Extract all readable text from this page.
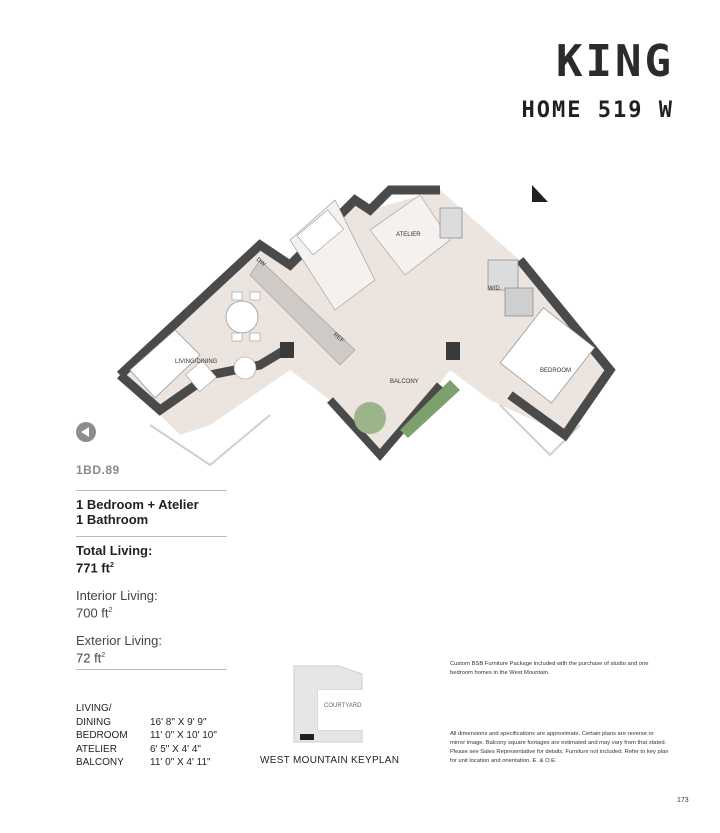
KING
HOME 519 W
LIVING/DINING
DW
REF
ATELIER
W/D
BEDROOM
BALCONY
1BD.89
1 Bedroom + Atelier
1 Bathroom
Total Living:
771 $ft^2$
Interior Living:
700 $ft^2$
Exterior Living:
72 $ft^2$
LIVING/	
DINING	16' 8" X 9' 9"
BEDROOM	11' 0" X 10' 10"
ATELIER	6' 5" X 4' 4"
BALCONY	11' 0" X 4' 11"
COURTYARD
WEST MOUNTAIN KEYPLAN
Custom BSB Furniture Package included with the purchase of studio and one bedroom homes in the West Mountain.
All dimensions and specifications are approximate. Certain plans are reverse or mirror image. Balcony square footages are estimated and may vary from that stated. Please see Sales Representative for details. Furniture not included. Refer to key plan for unit location and orientation. E. & O.E.
173
